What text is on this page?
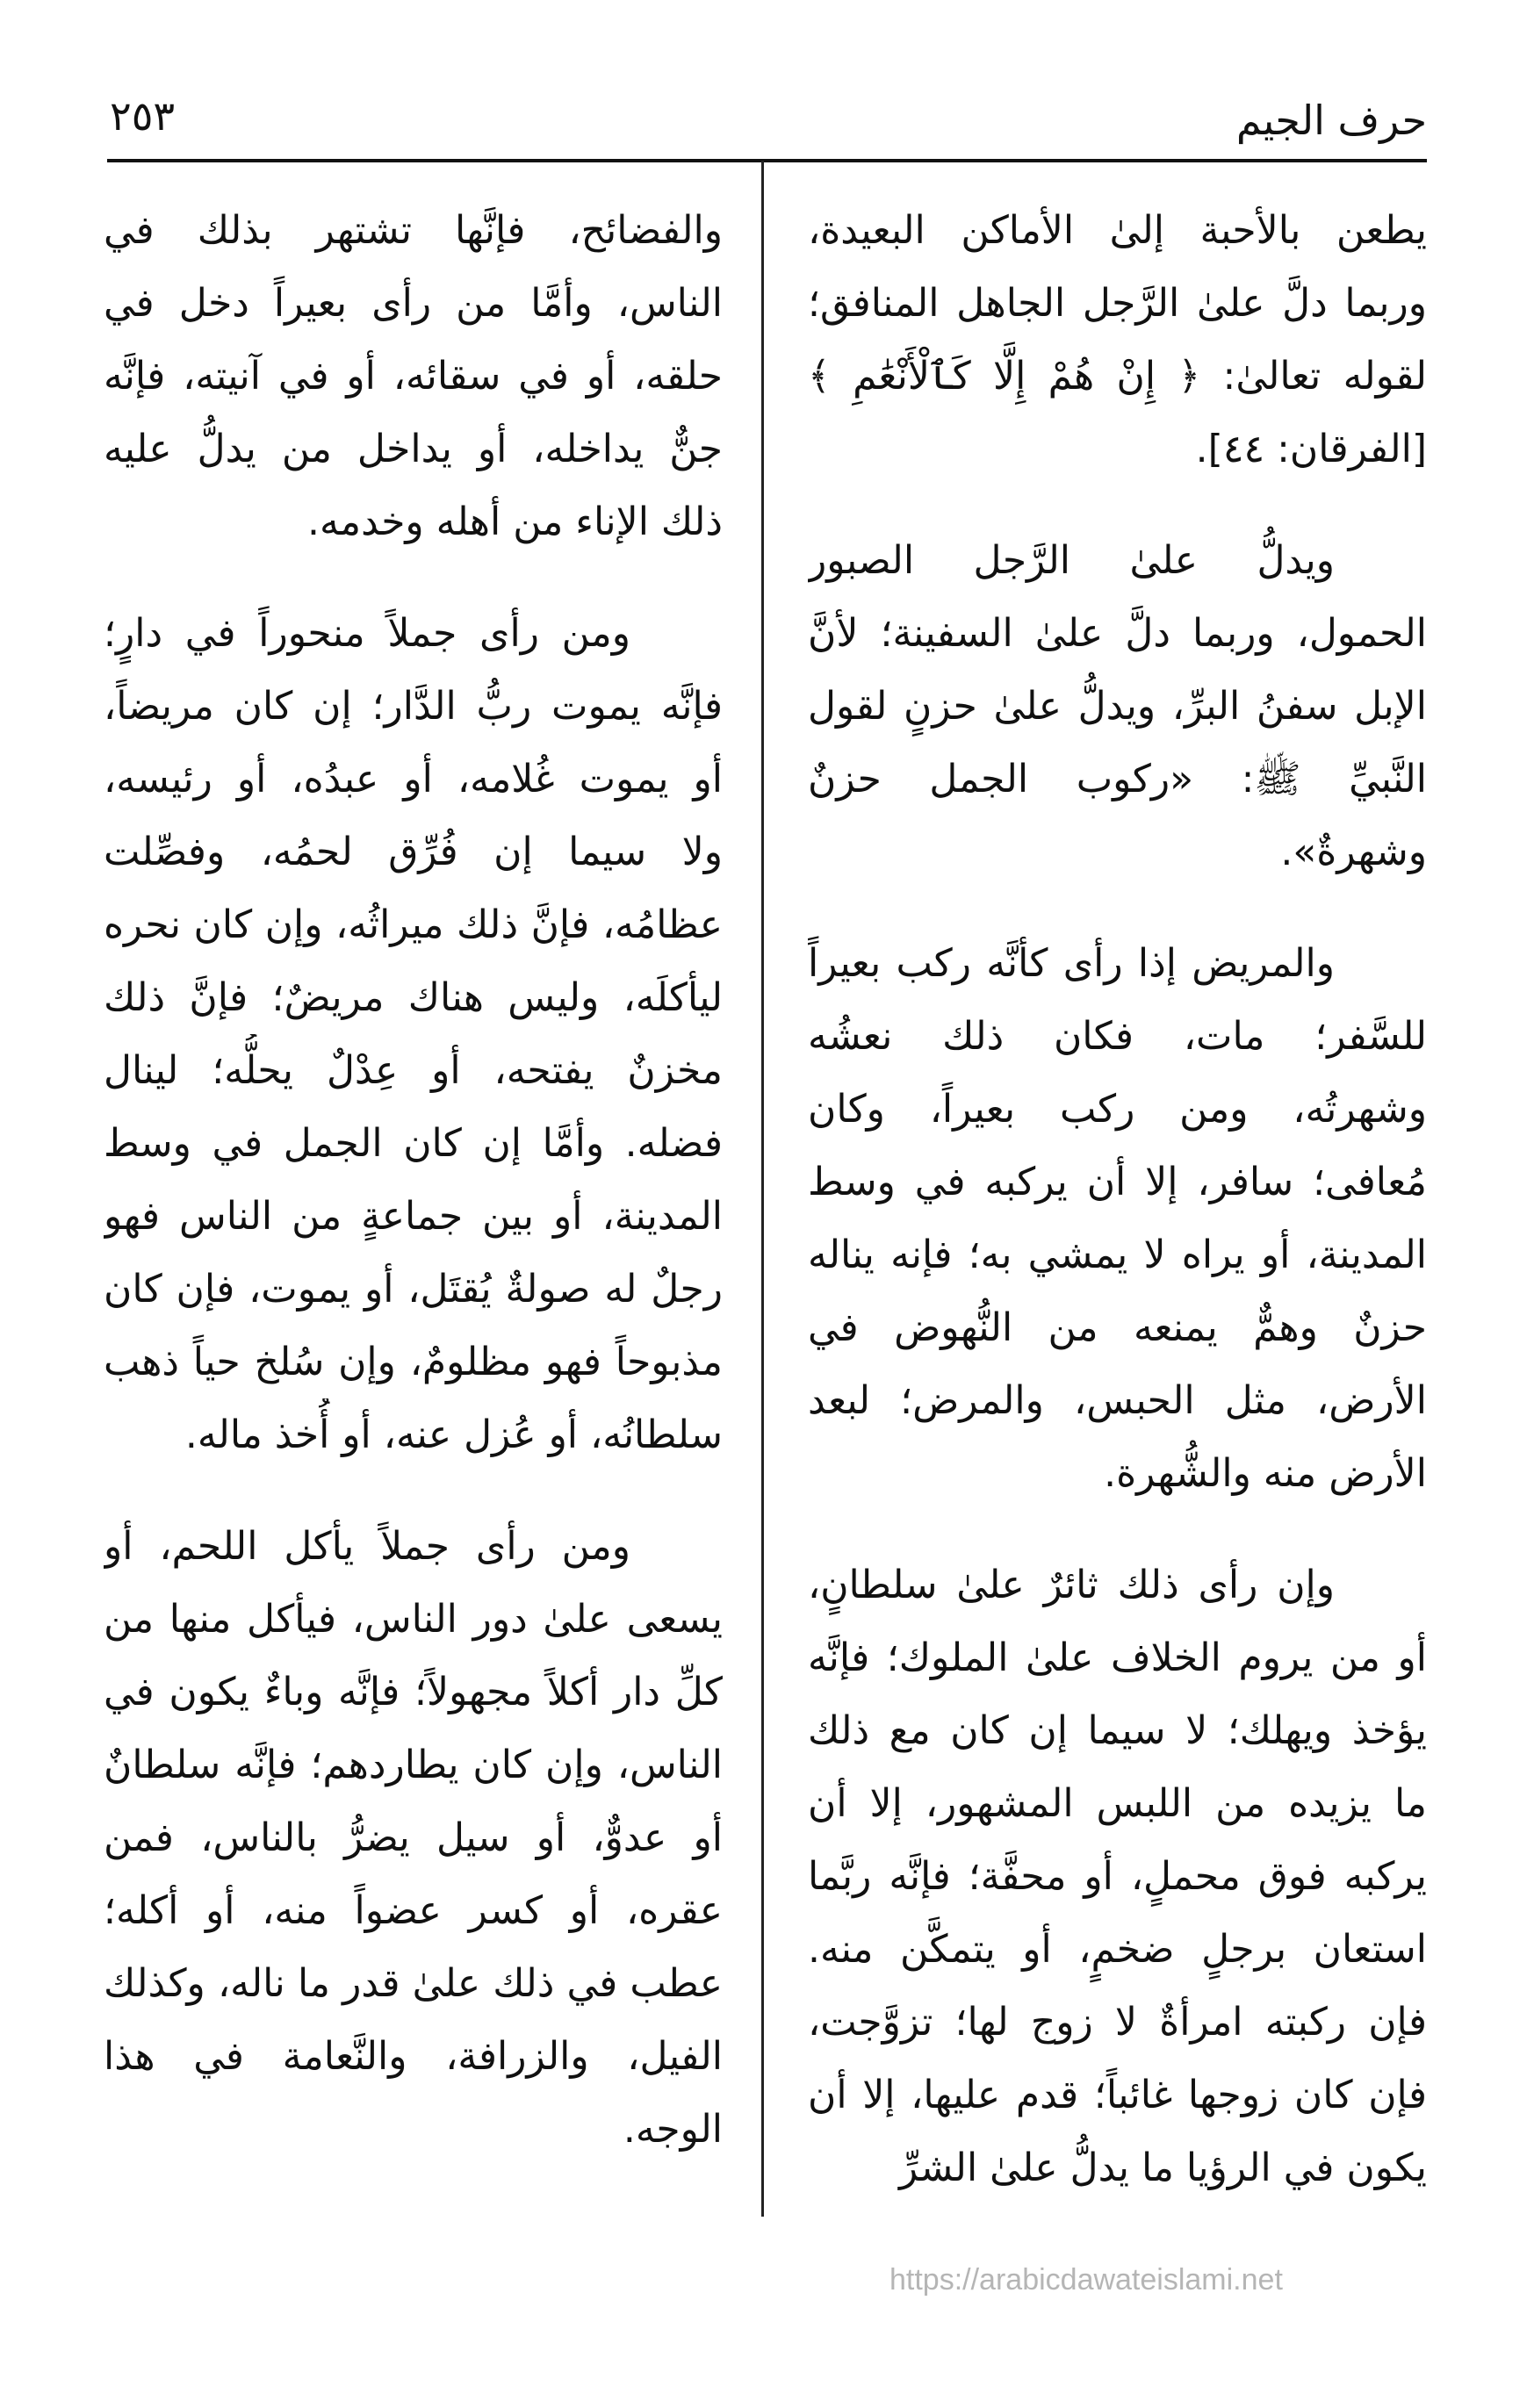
حرف الجيم
٢٥٣
يطعن بالأحبة إلىٰ الأماكن البعيدة،
وربما دلَّ علىٰ الرَّجل الجاهل المنافق؛
لقوله تعالىٰ: ﴿ إِنْ هُمْ إِلَّا كَٱلْأَنْعَٰمِ ﴾
[الفرقان: ٤٤].
ويدلُّ علىٰ الرَّجل الصبور
الحمول، وربما دلَّ علىٰ السفينة؛ لأنَّ
الإبل سفنُ البرِّ، ويدلُّ علىٰ حزنٍ لقول
النَّبيِّ ﷺ: «ركوب الجمل حزنٌ
وشهرةٌ».
والمريض إذا رأى كأنَّه ركب بعيراً
للسَّفر؛ مات، فكان ذلك نعشُه
وشهرتُه، ومن ركب بعيراً، وكان
مُعافى؛ سافر، إلا أن يركبه في وسط
المدينة، أو يراه لا يمشي به؛ فإنه يناله
حزنٌ وهمٌّ يمنعه من النُّهوض في
الأرض، مثل الحبس، والمرض؛ لبعد
الأرض منه والشُّهرة.
وإن رأى ذلك ثائرٌ علىٰ سلطانٍ،
أو من يروم الخلاف علىٰ الملوك؛ فإنَّه
يؤخذ ويهلك؛ لا سيما إن كان مع ذلك
ما يزيده من اللبس المشهور، إلا أن
يركبه فوق محملٍ، أو محفَّة؛ فإنَّه ربَّما
استعان برجلٍ ضخمٍ، أو يتمكَّن منه.
فإن ركبته امرأةٌ لا زوج لها؛ تزوَّجت،
فإن كان زوجها غائباً؛ قدم عليها، إلا أن
يكون في الرؤيا ما يدلُّ علىٰ الشرِّ
والفضائح، فإنَّها تشتهر بذلك في
الناس، وأمَّا من رأى بعيراً دخل في
حلقه، أو في سقائه، أو في آنيته، فإنَّه
جنٌّ يداخله، أو يداخل من يدلُّ عليه
ذلك الإناء من أهله وخدمه.
ومن رأى جملاً منحوراً في دارٍ؛
فإنَّه يموت ربُّ الدَّار؛ إن كان مريضاً،
أو يموت غُلامه، أو عبدُه، أو رئيسه،
ولا سيما إن فُرِّق لحمُه، وفصِّلت
عظامُه، فإنَّ ذلك ميراثُه، وإن كان نحره
ليأكلَه، وليس هناك مريضٌ؛ فإنَّ ذلك
مخزنٌ يفتحه، أو عِدْلٌ يحلُّه؛ لينال
فضله. وأمَّا إن كان الجمل في وسط
المدينة، أو بين جماعةٍ من الناس فهو
رجلٌ له صولةٌ يُقتَل، أو يموت، فإن كان
مذبوحاً فهو مظلومٌ، وإن سُلخ حياً ذهب
سلطانُه، أو عُزل عنه، أو أُخذ ماله.
ومن رأى جملاً يأكل اللحم، أو
يسعى علىٰ دور الناس، فيأكل منها من
كلِّ دار أكلاً مجهولاً؛ فإنَّه وباءٌ يكون في
الناس، وإن كان يطاردهم؛ فإنَّه سلطانٌ
أو عدوٌّ، أو سيل يضرُّ بالناس، فمن
عقره، أو كسر عضواً منه، أو أكله؛
عطب في ذلك علىٰ قدر ما ناله، وكذلك
الفيل، والزرافة، والنَّعامة في هذا
الوجه.
https://arabicdawateislami.net
